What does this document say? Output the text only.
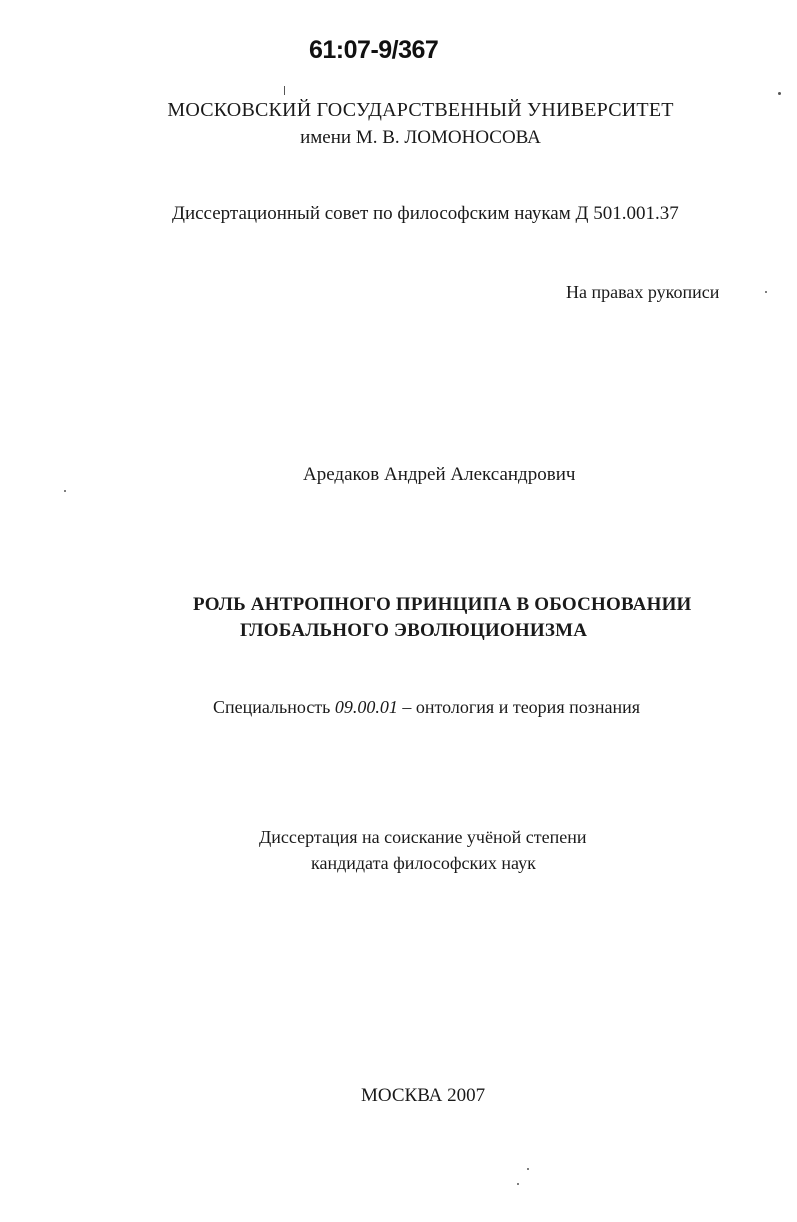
61:07-9/367
МОСКОВСКИЙ ГОСУДАРСТВЕННЫЙ УНИВЕРСИТЕТ
имени М. В. ЛОМОНОСОВА
Диссертационный совет по философским наукам Д 501.001.37
На правах рукописи
Аредаков Андрей Александрович
РОЛЬ АНТРОПНОГО ПРИНЦИПА В ОБОСНОВАНИИ
ГЛОБАЛЬНОГО ЭВОЛЮЦИОНИЗМА
Специальность 09.00.01 – онтология и теория познания
Диссертация на соискание учёной степени
кандидата философских наук
МОСКВА 2007
